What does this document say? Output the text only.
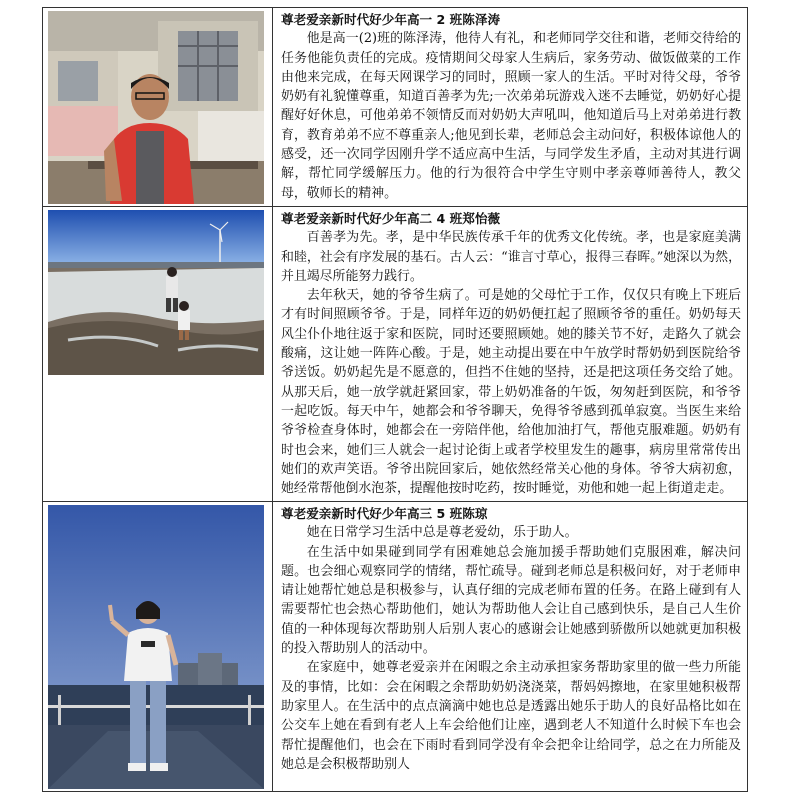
尊老爱亲新时代好少年高一 2 班陈泽涛

他是高一(2)班的陈泽涛，他待人有礼，和老师同学交往和谐，老师交待给的任务他能负责任的完成。疫情期间父母家人生病后，家务劳动、做饭做菜的工作由他来完成，在每天网课学习的同时，照顾一家人的生活。平时对待父母，爷爷奶奶有礼貌懂尊重，知道百善孝为先;一次弟弟玩游戏入迷不去睡觉，奶奶好心提醒好好休息，可他弟弟不领情反而对奶奶大声吼叫，他知道后马上对弟弟进行教育，教育弟弟不应不尊重亲人;他见到长辈，老师总会主动问好，积极体谅他人的感受，还一次同学因刚升学不适应高中生活，与同学发生矛盾，主动对其进行调解，帮忙同学缓解压力。他的行为很符合中学生守则中孝亲尊师善待人，教父母，敬师长的精神。

尊老爱亲新时代好少年高二 4 班郑怡薇

百善孝为先。孝，是中华民族传承千年的优秀文化传统。孝，也是家庭美满和睦，社会有序发展的基石。古人云：“谁言寸草心，报得三春晖。”她深以为然，并且竭尽所能努力践行。

去年秋天，她的爷爷生病了。可是她的父母忙于工作，仅仅只有晚上下班后才有时间照顾爷爷。于是，同样年迈的奶奶便扛起了照顾爷爷的重任。奶奶每天风尘仆仆地往返于家和医院，同时还要照顾她。她的膝关节不好，走路久了就会酸痛，这让她一阵阵心酸。于是，她主动提出要在中午放学时帮奶奶到医院给爷爷送饭。奶奶起先是不愿意的，但挡不住她的坚持，还是把这项任务交给了她。从那天后，她一放学就赶紧回家，带上奶奶准备的午饭，匆匆赶到医院，和爷爷一起吃饭。每天中午，她都会和爷爷聊天，免得爷爷感到孤单寂寞。当医生来给爷爷检查身体时，她都会在一旁陪伴他，给他加油打气，帮他克服难题。奶奶有时也会来，她们三人就会一起讨论街上或者学校里发生的趣事，病房里常常传出她们的欢声笑语。爷爷出院回家后，她依然经常关心他的身体。爷爷大病初愈，她经常帮他倒水泡茶，提醒他按时吃药，按时睡觉，劝他和她一起上街道走走。

尊老爱亲新时代好少年高三 5 班陈琼

她在日常学习生活中总是尊老爱幼，乐于助人。

在生活中如果碰到同学有困难她总会施加援手帮助她们克服困难，解决问题。也会细心观察同学的情绪，帮忙疏导。碰到老师总是积极问好，对于老师申请让她帮忙她总是积极参与，认真仔细的完成老师布置的任务。在路上碰到有人需要帮忙也会热心帮助他们，她认为帮助他人会让自己感到快乐，是自己人生价值的一种体现每次帮助别人后别人衷心的感谢会让她感到骄傲所以她就更加积极的投入帮助别人的活动中。

在家庭中，她尊老爱亲并在闲暇之余主动承担家务帮助家里的做一些力所能及的事情，比如：会在闲暇之余帮助奶奶浇浇菜，帮妈妈擦地，在家里她积极帮助家里人。在生活中的点点滴滴中她也总是透露出她乐于助人的良好品格比如在公交车上她在看到有老人上车会给他们让座，遇到老人不知道什么时候下车也会帮忙提醒他们，也会在下雨时看到同学没有伞会把伞让给同学，总之在力所能及她总是会积极帮助别人
